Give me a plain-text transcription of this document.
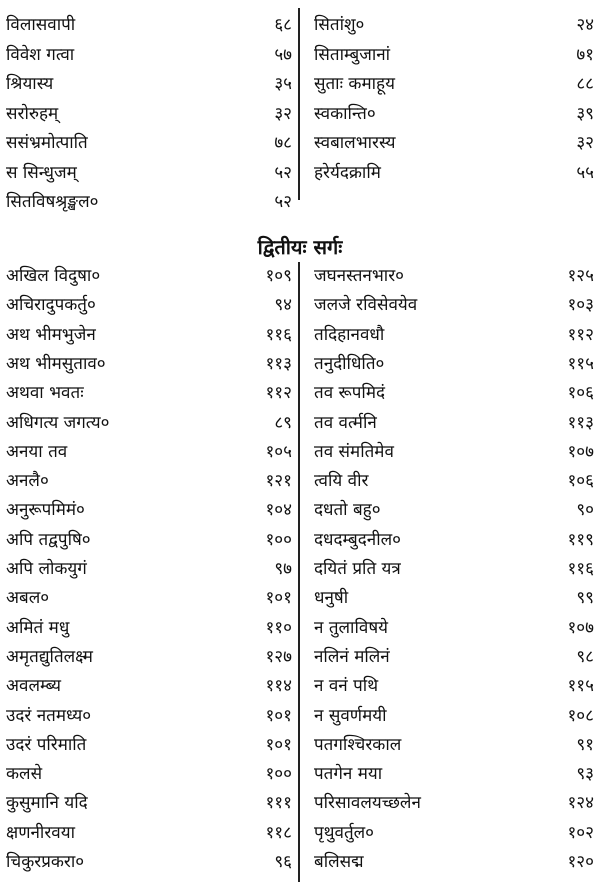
विलासवापी	६८ सितांशु०	२४
विवेश गत्वा	५७ सिताम्बुजानां	७१
श्रियास्य	३५ सुताः कमाहूय	८८
सरोरुहम्	३२ स्वकान्ति०	३९
ससंभ्रमोत्पाति	७८ स्वबालभारस्य	३२
स सिन्धुजम्	५२ हरेर्यदक्रामि	५५
सितविषश्रृङ्खल०	५२
द्वितीयः सर्गः
अखिल विदुषा०	१०९ जघनस्तनभार०	१२५
अचिरादुपकर्तु०	९४ जलजे रविसेवयेव	१०३
अथ भीमभुजेन	११६ तदिहानवधौ	११२
अथ भीमसुताव०	११३ तनुदीधिति०	११५
अथवा भवतः	११२ तव रूपमिदं	१०६
अधिगत्य जगत्य०	८९ तव वर्त्मनि	११३
अनया तव	१०५ तव संमतिमेव	१०७
अनलै०	१२१ त्वयि वीर	१०६
अनुरूपमिमं०	१०४ दधतो बहु०	९०
अपि तद्वपुषि०	१०० दधदम्बुदनील०	११९
अपि लोकयुगं	९७ दयितं प्रति यत्र	११६
अबल०	१०१ धनुषी	९९
अमितं मधु	११० न तुलाविषये	१०७
अमृतद्युतिलक्ष्म	१२७ नलिनं मलिनं	९८
अवलम्ब्य	११४ न वनं पथि	११५
उदरं नतमध्य०	१०१ न सुवर्णमयी	१०८
उदरं परिमाति	१०१ पतगश्चिरकाल	९१
कलसे	१०० पतगेन मया	९३
कुसुमानि यदि	१११ परिसावलयच्छलेन	१२४
क्षणनीरवया	११८ पृथुवर्तुल०	१०२
चिकुरप्रकरा०	९६ बलिसद्म	१२०
